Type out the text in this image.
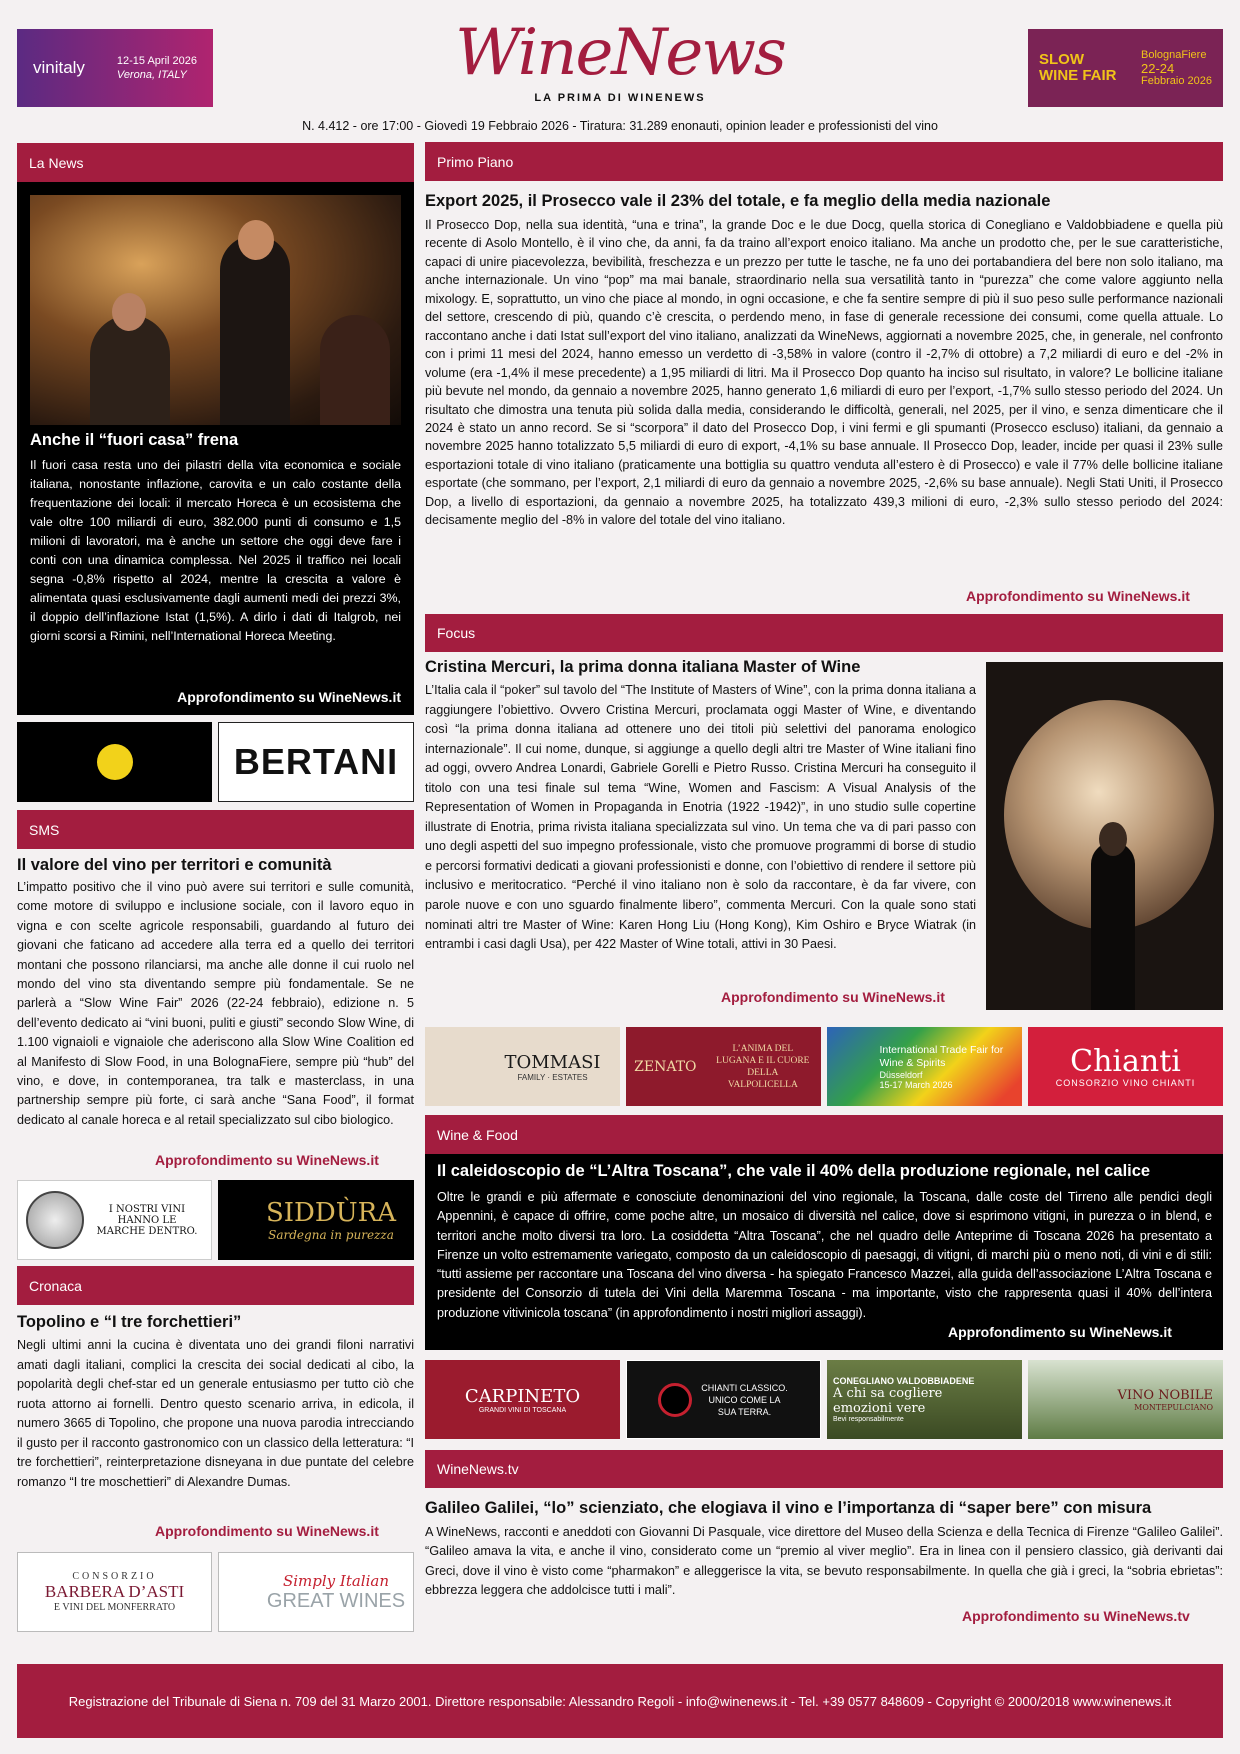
vinitaly	12-15 April 2026
Verona, ITALY	WineNews
LA PRIMA DI WINENEWS
SLOW WINE FAIR
BolognaFiere
22-24
Febbraio 2026
N. 4.412 - ore 17:00 - Giovedì 19 Febbraio 2026 - Tiratura: 31.289 enonauti, opinion leader e professionisti del vino
La News
Anche il “fuori casa” frena
Il fuori casa resta uno dei pilastri della vita economica e sociale italiana, nonostante inflazione, carovita e un calo costante della frequentazione dei locali: il mercato Horeca è un ecosistema che vale oltre 100 miliardi di euro, 382.000 punti di consumo e 1,5 milioni di lavoratori, ma è anche un settore che oggi deve fare i conti con una dinamica complessa. Nel 2025 il traffico nei locali segna -0,8% rispetto al 2024, mentre la crescita a valore è alimentata quasi esclusivamente dagli aumenti medi dei prezzi 3%, il doppio dell’inflazione Istat (1,5%). A dirlo i dati di Italgrob, nei giorni scorsi a Rimini, nell’International Horeca Meeting.
Approfondimento su WineNews.it
BERTANI
SMS
Il valore del vino per territori e comunità
L’impatto positivo che il vino può avere sui territori e sulle comunità, come motore di sviluppo e inclusione sociale, con il lavoro equo in vigna e con scelte agricole responsabili, guardando al futuro dei giovani che faticano ad accedere alla terra ed a quello dei territori montani che possono rilanciarsi, ma anche alle donne il cui ruolo nel mondo del vino sta diventando sempre più fondamentale. Se ne parlerà a “Slow Wine Fair” 2026 (22-24 febbraio), edizione n. 5 dell’evento dedicato ai “vini buoni, puliti e giusti” secondo Slow Wine, di 1.100 vignaioli e vignaiole che aderiscono alla Slow Wine Coalition ed al Manifesto di Slow Food, in una BolognaFiere, sempre più “hub” del vino, e dove, in contemporanea, tra talk e masterclass, in una partnership sempre più forte, ci sarà anche “Sana Food”, il format dedicato al canale horeca e al retail specializzato sul cibo biologico.
Approfondimento su WineNews.it
I NOSTRI VINI HANNO LE MARCHE DENTRO.
SIDDÙRA
Sardegna in purezza
Cronaca
Topolino e “I tre forchettieri”
Negli ultimi anni la cucina è diventata uno dei grandi filoni narrativi amati dagli italiani, complici la crescita dei social dedicati al cibo, la popolarità degli chef-star ed un generale entusiasmo per tutto ciò che ruota attorno ai fornelli. Dentro questo scenario arriva, in edicola, il numero 3665 di Topolino, che propone una nuova parodia intrecciando il gusto per il racconto gastronomico con un classico della letteratura: “I tre forchettieri”, reinterpretazione disneyana in due puntate del celebre romanzo “I tre moschettieri” di Alexandre Dumas.
Approfondimento su WineNews.it
CONSORZIO
BARBERA D’ASTI
E VINI DEL MONFERRATO
Simply Italian
GREAT WINES
Primo Piano
Export 2025, il Prosecco vale il 23% del totale, e fa meglio della media nazionale
Il Prosecco Dop, nella sua identità, “una e trina”, la grande Doc e le due Docg, quella storica di Conegliano e Valdobbiadene e quella più recente di Asolo Montello, è il vino che, da anni, fa da traino all’export enoico italiano. Ma anche un prodotto che, per le sue caratteristiche, capaci di unire piacevolezza, bevibilità, freschezza e un prezzo per tutte le tasche, ne fa uno dei portabandiera del bere non solo italiano, ma anche internazionale. Un vino “pop” ma mai banale, straordinario nella sua versatilità tanto in “purezza” che come valore aggiunto nella mixology. E, soprattutto, un vino che piace al mondo, in ogni occasione, e che fa sentire sempre di più il suo peso sulle performance nazionali del settore, crescendo di più, quando c’è crescita, o perdendo meno, in fase di generale recessione dei consumi, come quella attuale. Lo raccontano anche i dati Istat sull’export del vino italiano, analizzati da WineNews, aggiornati a novembre 2025, che, in generale, nel confronto con i primi 11 mesi del 2024, hanno emesso un verdetto di -3,58% in valore (contro il -2,7% di ottobre) a 7,2 miliardi di euro e del -2% in volume (era -1,4% il mese precedente) a 1,95 miliardi di litri. Ma il Prosecco Dop quanto ha inciso sul risultato, in valore? Le bollicine italiane più bevute nel mondo, da gennaio a novembre 2025, hanno generato 1,6 miliardi di euro per l’export, -1,7% sullo stesso periodo del 2024. Un risultato che dimostra una tenuta più solida dalla media, considerando le difficoltà, generali, nel 2025, per il vino, e senza dimenticare che il 2024 è stato un anno record. Se si “scorpora” il dato del Prosecco Dop, i vini fermi e gli spumanti (Prosecco escluso) italiani, da gennaio a novembre 2025 hanno totalizzato 5,5 miliardi di euro di export, -4,1% su base annuale. Il Prosecco Dop, leader, incide per quasi il 23% sulle esportazioni totale di vino italiano (praticamente una bottiglia su quattro venduta all’estero è di Prosecco) e vale il 77% delle bollicine italiane esportate (che sommano, per l’export, 2,1 miliardi di euro da gennaio a novembre 2025, -2,6% su base annuale). Negli Stati Uniti, il Prosecco Dop, a livello di esportazioni, da gennaio a novembre 2025, ha totalizzato 439,3 milioni di euro, -2,3% sullo stesso periodo del 2024: decisamente meglio del -8% in valore del totale del vino italiano.
Approfondimento su WineNews.it
Focus
Cristina Mercuri, la prima donna italiana Master of Wine
L’Italia cala il “poker” sul tavolo del “The Institute of Masters of Wine”, con la prima donna italiana a raggiungere l’obiettivo. Ovvero Cristina Mercuri, proclamata oggi Master of Wine, e diventando così “la prima donna italiana ad ottenere uno dei titoli più selettivi del panorama enologico internazionale”. Il cui nome, dunque, si aggiunge a quello degli altri tre Master of Wine italiani fino ad oggi, ovvero Andrea Lonardi, Gabriele Gorelli e Pietro Russo. Cristina Mercuri ha conseguito il titolo con una tesi finale sul tema “Wine, Women and Fascism: A Visual Analysis of the Representation of Women in Propaganda in Enotria (1922 -1942)”, in uno studio sulle copertine illustrate di Enotria, prima rivista italiana specializzata sul vino. Un tema che va di pari passo con uno degli aspetti del suo impegno professionale, visto che promuove programmi di borse di studio e percorsi formativi dedicati a giovani professionisti e donne, con l’obiettivo di rendere il settore più inclusivo e meritocratico. “Perché il vino italiano non è solo da raccontare, è da far vivere, con parole nuove e con uno sguardo finalmente libero”, commenta Mercuri. Con la quale sono stati nominati altri tre Master of Wine: Karen Hong Liu (Hong Kong), Kim Oshiro e Bryce Wiatrak (in entrambi i casi dagli Usa), per 422 Master of Wine totali, attivi in 30 Paesi.
Approfondimento su WineNews.it
TOMMASI
FAMILY · ESTATES
ZENATO
L’ANIMA DEL LUGANA E IL CUORE DELLA VALPOLICELLA
International Trade Fair for Wine & Spirits
Düsseldorf
15-17 March 2026
Chianti
CONSORZIO VINO CHIANTI
Wine & Food
Il caleidoscopio de “L’Altra Toscana”, che vale il 40% della produzione regionale, nel calice
Oltre le grandi e più affermate e conosciute denominazioni del vino regionale, la Toscana, dalle coste del Tirreno alle pendici degli Appennini, è capace di offrire, come poche altre, un mosaico di diversità nel calice, dove si esprimono vitigni, in purezza o in blend, e territori anche molto diversi tra loro. La cosiddetta “Altra Toscana”, che nel quadro delle Anteprime di Toscana 2026 ha presentato a Firenze un volto estremamente variegato, composto da un caleidoscopio di paesaggi, di vitigni, di marchi più o meno noti, di vini e di stili: “tutti assieme per raccontare una Toscana del vino diversa - ha spiegato Francesco Mazzei, alla guida dell’associazione L’Altra Toscana e presidente del Consorzio di tutela dei Vini della Maremma Toscana - ma importante, visto che rappresenta quasi il 40% dell’intera produzione vitivinicola toscana” (in approfondimento i nostri migliori assaggi).
Approfondimento su WineNews.it
CARPINETO
GRANDI VINI DI TOSCANA
CHIANTI CLASSICO. UNICO COME LA SUA TERRA.
CONEGLIANO VALDOBBIADENE
A chi sa cogliere emozioni vere
Bevi responsabilmente
VINO NOBILE
MONTEPULCIANO
WineNews.tv
Galileo Galilei, “lo” scienziato, che elogiava il vino e l’importanza di “saper bere” con misura
A WineNews, racconti e aneddoti con Giovanni Di Pasquale, vice direttore del Museo della Scienza e della Tecnica di Firenze “Galileo Galilei”. “Galileo amava la vita, e anche il vino, considerato come un “premio al viver meglio”. Era in linea con il pensiero classico, già derivanti dai Greci, dove il vino è visto come “pharmakon” e alleggerisce la vita, se bevuto responsabilmente. In quella che già i greci, la “sobria ebrietas”: ebbrezza leggera che addolcisce tutti i mali”.
Approfondimento su WineNews.tv
Registrazione del Tribunale di Siena n. 709 del 31 Marzo 2001. Direttore responsabile: Alessandro Regoli - info@winenews.it - Tel. +39 0577 848609 - Copyright © 2000/2018 www.winenews.it
